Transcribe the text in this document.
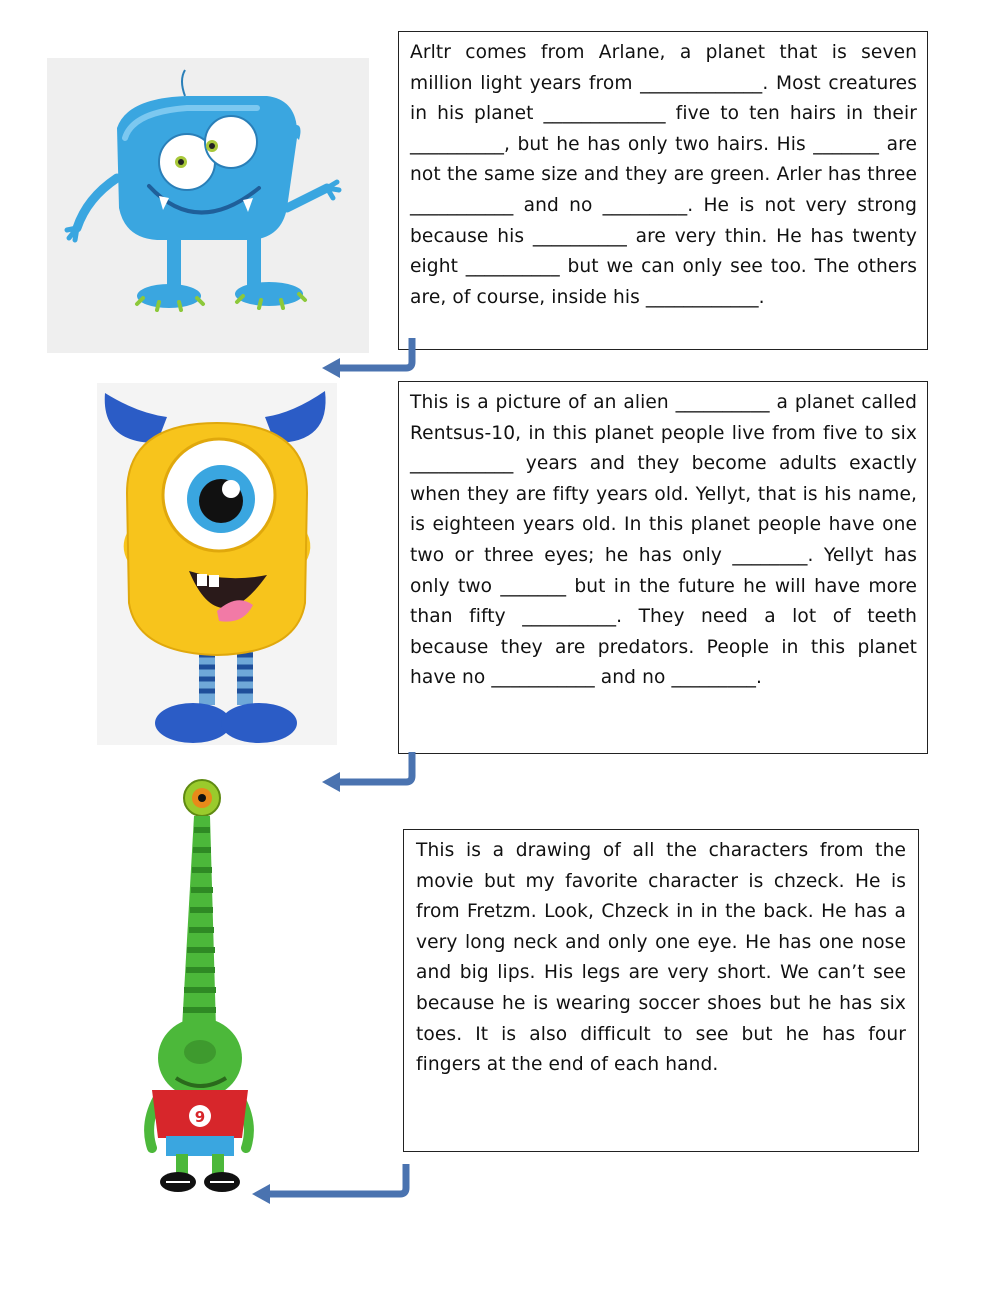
Arltr comes from Arlane, a planet that is seven million light years from _____________. Most creatures in his planet _____________ five to ten hairs in their __________, but he has only two hairs. His _______ are not the same size and they are green. Arler has three ___________ and no _________. He is not very strong because his __________ are very thin. He has twenty eight __________ but we can only see too. The others are, of course, inside his ____________.

This is a picture of an alien __________ a planet called Rentsus-10, in this planet people live from five to six ___________ years and they become adults exactly when they are fifty years old. Yellyt, that is his name, is eighteen years old. In this planet people have one two or three eyes; he has only ________. Yellyt has only two _______ but in the future he will have more than fifty __________. They need a lot of teeth because they are predators. People in this planet have no ___________ and no _________.

9

This is a drawing of all the characters from the movie but my favorite character is chzeck. He is from Fretzm. Look, Chzeck in in the back. He has a very long neck and only one eye. He has one nose and big lips. His legs are very short. We can’t see because he is wearing soccer shoes but he has six toes. It is also difficult to see but he has four fingers at the end of each hand.
